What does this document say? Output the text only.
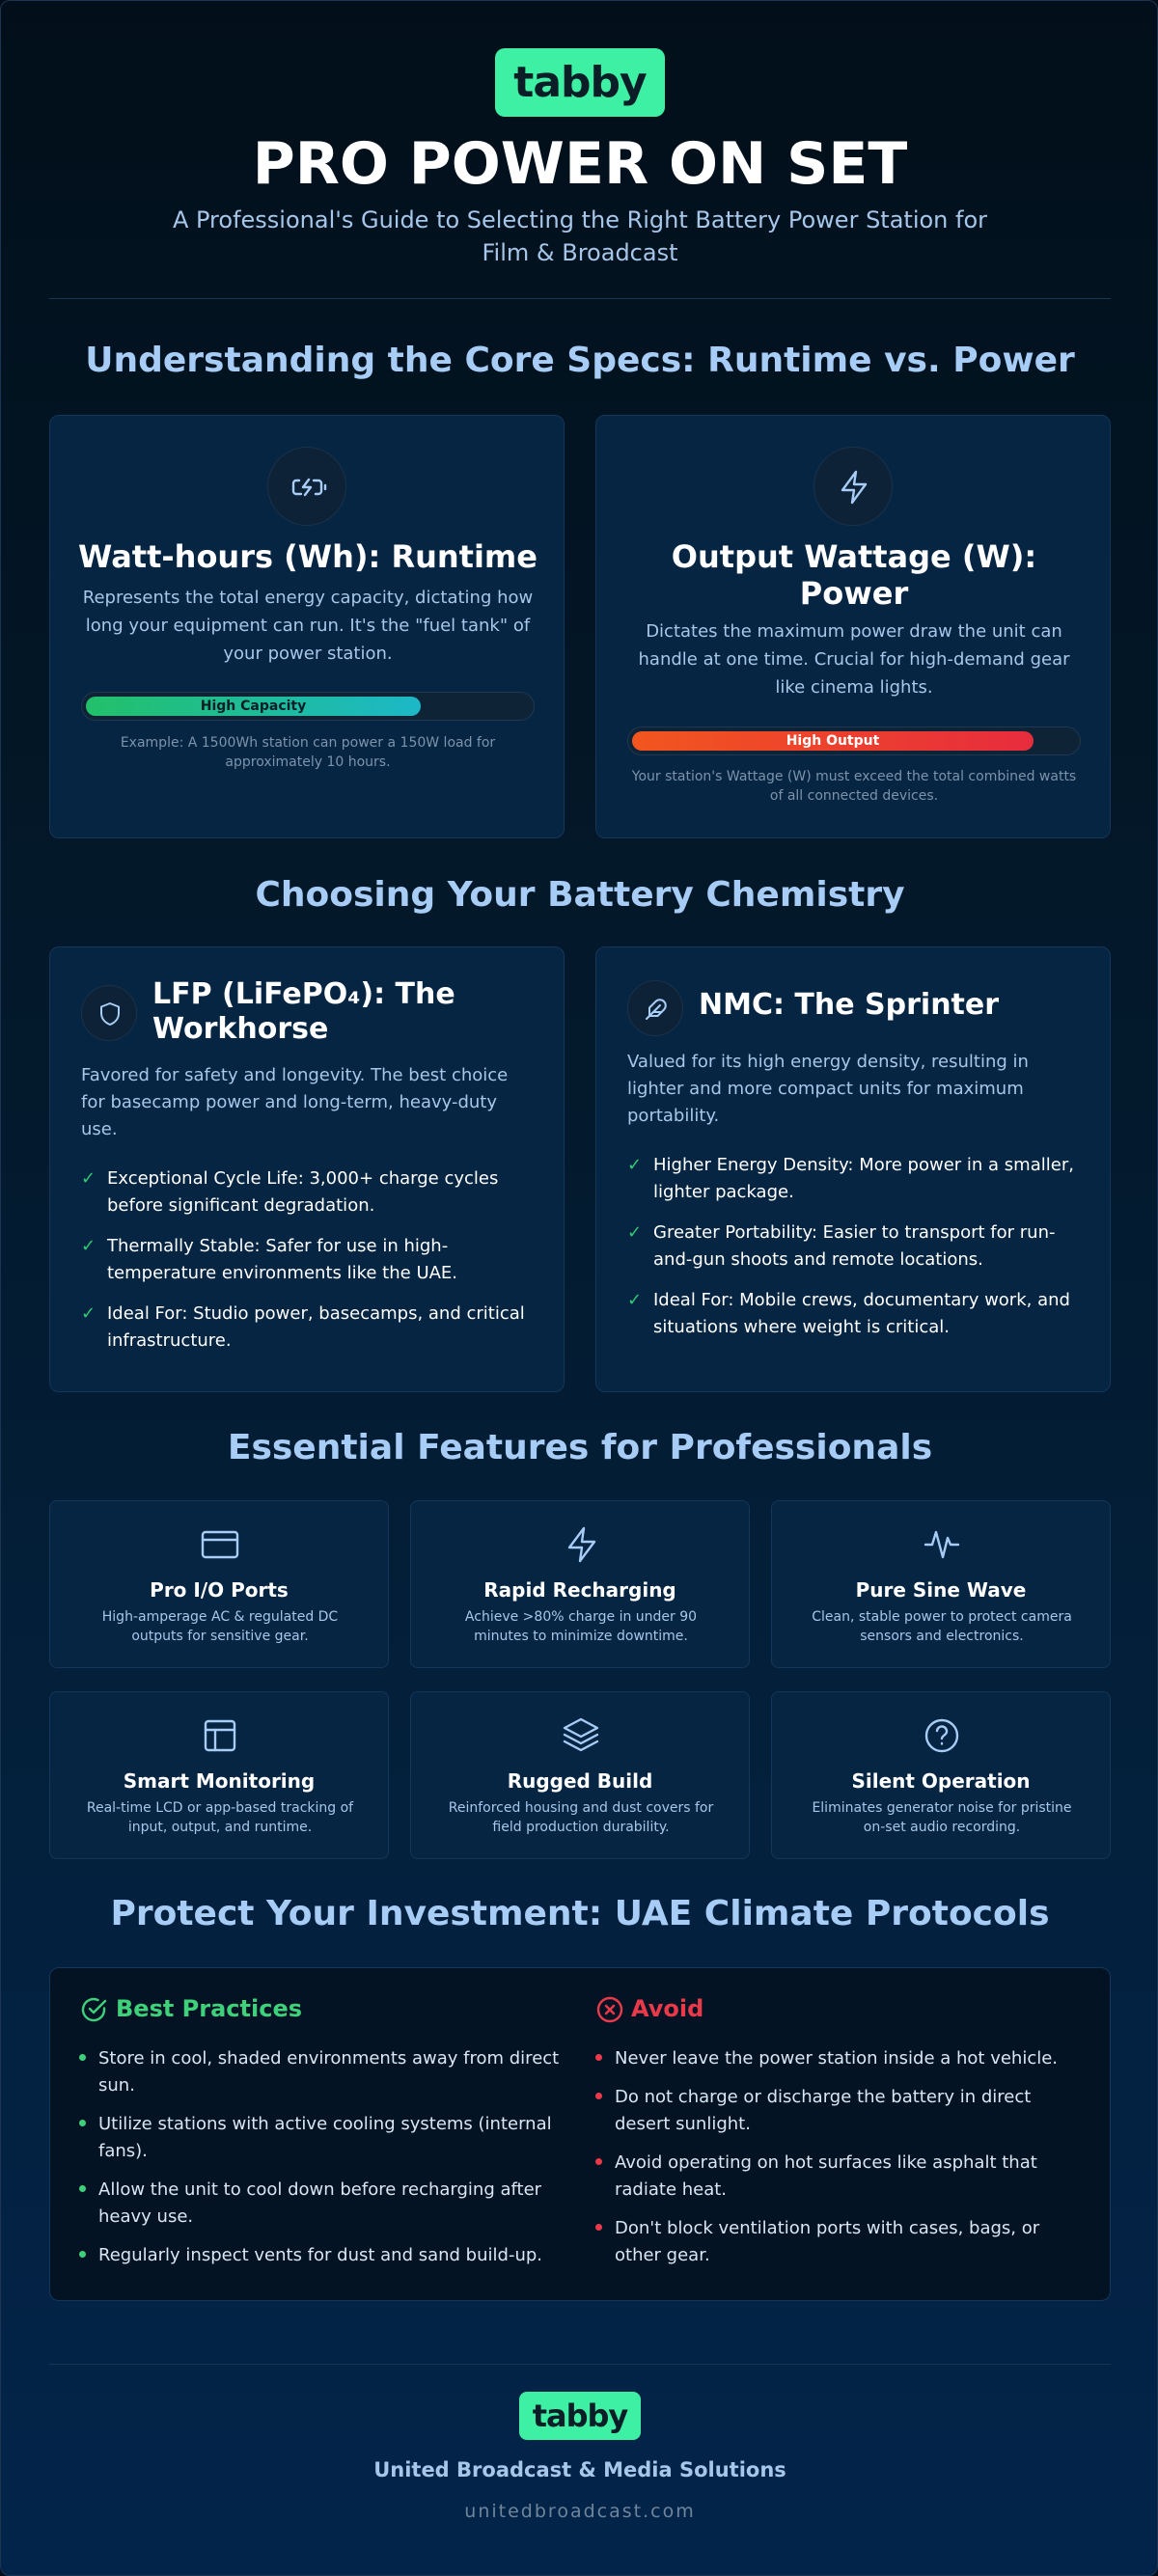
tabby
PRO POWER ON SET
A Professional's Guide to Selecting the Right Battery Power Station for Film & Broadcast
Understanding the Core Specs: Runtime vs. Power
Watt-hours (Wh): Runtime
Represents the total energy capacity, dictating how long your equipment can run. It's the "fuel tank" of your power station.
High Capacity
Example: A 1500Wh station can power a 150W load for approximately 10 hours.
Output Wattage (W): Power
Dictates the maximum power draw the unit can handle at one time. Crucial for high-demand gear like cinema lights.
High Output
Your station's Wattage (W) must exceed the total combined watts of all connected devices.
Choosing Your Battery Chemistry
LFP (LiFePO₄): The Workhorse
Favored for safety and longevity. The best choice for basecamp power and long-term, heavy-duty use.
✓ Exceptional Cycle Life: 3,000+ charge cycles before significant degradation.
✓ Thermally Stable: Safer for use in high-temperature environments like the UAE.
✓ Ideal For: Studio power, basecamps, and critical infrastructure.
NMC: The Sprinter
Valued for its high energy density, resulting in lighter and more compact units for maximum portability.
✓ Higher Energy Density: More power in a smaller, lighter package.
✓ Greater Portability: Easier to transport for run-and-gun shoots and remote locations.
✓ Ideal For: Mobile crews, documentary work, and situations where weight is critical.
Essential Features for Professionals
Pro I/O Ports
High-amperage AC & regulated DC outputs for sensitive gear.
Rapid Recharging
Achieve >80% charge in under 90 minutes to minimize downtime.
Pure Sine Wave
Clean, stable power to protect camera sensors and electronics.
Smart Monitoring
Real-time LCD or app-based tracking of input, output, and runtime.
Rugged Build
Reinforced housing and dust covers for field production durability.
Silent Operation
Eliminates generator noise for pristine on-set audio recording.
Protect Your Investment: UAE Climate Protocols
Best Practices
Store in cool, shaded environments away from direct sun.
Utilize stations with active cooling systems (internal fans).
Allow the unit to cool down before recharging after heavy use.
Regularly inspect vents for dust and sand build-up.
Avoid
Never leave the power station inside a hot vehicle.
Do not charge or discharge the battery in direct desert sunlight.
Avoid operating on hot surfaces like asphalt that radiate heat.
Don't block ventilation ports with cases, bags, or other gear.
tabby
United Broadcast & Media Solutions
unitedbroadcast.com
